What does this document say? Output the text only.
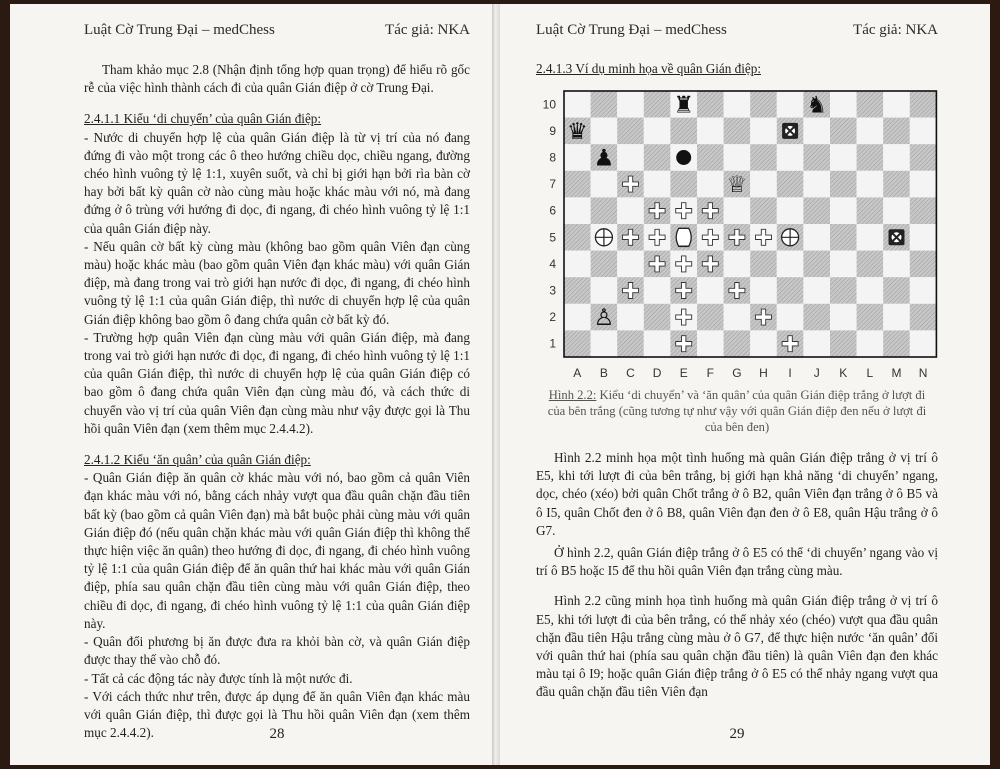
Luật Cờ Trung Đại – medChess	Tác giả: NKA

Tham khảo mục 2.8 (Nhận định tổng hợp quan trọng) để hiểu rõ gốc rễ của việc hình thành cách đi của quân Gián điệp ở cờ Trung Đại.

2.4.1.1 Kiểu ‘di chuyển’ của quân Gián điệp:

- Nước di chuyển hợp lệ của quân Gián điệp là từ vị trí của nó đang đứng đi vào một trong các ô theo hướng chiều dọc, chiều ngang, đường chéo hình vuông tỷ lệ 1:1, xuyên suốt, và chỉ bị giới hạn bởi rìa bàn cờ hay bởi bất kỳ quân cờ nào cùng màu hoặc khác màu với nó, mà đang đứng ở ô trùng với hướng đi dọc, đi ngang, đi chéo hình vuông tỷ lệ 1:1 của quân Gián điệp này.

- Nếu quân cờ bất kỳ cùng màu (không bao gồm quân Viên đạn cùng màu) hoặc khác màu (bao gồm quân Viên đạn khác màu) với quân Gián điệp, mà đang trong vai trò giới hạn nước đi dọc, đi ngang, đi chéo hình vuông tỷ lệ 1:1 của quân Gián điệp, thì nước di chuyển hợp lệ của quân Gián điệp không bao gồm ô đang chứa quân cờ bất kỳ đó.

- Trường hợp quân Viên đạn cùng màu với quân Gián điệp, mà đang trong vai trò giới hạn nước đi dọc, đi ngang, đi chéo hình vuông tỷ lệ 1:1 của quân Gián điệp, thì nước di chuyển hợp lệ của quân Gián điệp có bao gồm ô đang chứa quân Viên đạn cùng màu đó, và cách thức di chuyển vào vị trí của quân Viên đạn cùng màu như vậy được gọi là Thu hồi quân Viên đạn (xem thêm mục 2.4.4.2).

2.4.1.2 Kiểu ‘ăn quân’ của quân Gián điệp:

- Quân Gián điệp ăn quân cờ khác màu với nó, bao gồm cả quân Viên đạn khác màu với nó, bằng cách nhảy vượt qua đầu quân chặn đầu tiên bất kỳ (bao gồm cả quân Viên đạn) mà bắt buộc phải cùng màu với quân Gián điệp đó (nếu quân chặn khác màu với quân Gián điệp thì không thể thực hiện việc ăn quân) theo hướng đi dọc, đi ngang, đi chéo hình vuông tỷ lệ 1:1 của quân Gián điệp để ăn quân thứ hai khác màu với quân Gián điệp, phía sau quân chặn đầu tiên cùng màu với quân Gián điệp, theo chiều đi dọc, đi ngang, đi chéo hình vuông tỷ lệ 1:1 của quân Gián điệp này.

- Quân đối phương bị ăn được đưa ra khỏi bàn cờ, và quân Gián điệp được thay thế vào chỗ đó.

- Tất cả các động tác này được tính là một nước đi.

- Với cách thức như trên, được áp dụng để ăn quân Viên đạn khác màu với quân Gián điệp, thì được gọi là Thu hồi quân Viên đạn (xem thêm mục 2.4.4.2).	28
Luật Cờ Trung Đại – medChess	Tác giả: NKA
2.4.1.3 Ví dụ minh họa về quân Gián điệp:
10
9
8
7
6
5
4
3
2
1
A B C D E F G H I J K L M N
♜	♞
♛
♟
♕
♙
Hình 2.2: Kiểu ‘di chuyển’ và ‘ăn quân’ của quân Gián điệp trắng ở lượt đi của bên trắng (cũng tương tự như vậy với quân Gián điệp đen nếu ở lượt đi của bên đen)

Hình 2.2 minh họa một tình huống mà quân Gián điệp trắng ở vị trí ô E5, khi tới lượt đi của bên trắng, bị giới hạn khả năng ‘di chuyển’ ngang, dọc, chéo (xéo) bởi quân Chốt trắng ở ô B2, quân Viên đạn trắng ở ô B5 và ô I5, quân Chốt đen ở ô B8, quân Viên đạn đen ở ô E8, quân Hậu trắng ở ô G7.

Ở hình 2.2, quân Gián điệp trắng ở ô E5 có thể ‘di chuyển’ ngang vào vị trí ô B5 hoặc I5 để thu hồi quân Viên đạn trắng cùng màu.

Hình 2.2 cũng minh họa tình huống mà quân Gián điệp trắng ở vị trí ô E5, khi tới lượt đi của bên trắng, có thể nhảy xéo (chéo) vượt qua đầu quân chặn đầu tiên Hậu trắng cùng màu ở ô G7, để thực hiện nước ‘ăn quân’ đối với quân thứ hai (phía sau quân chặn đầu tiên) là quân Viên đạn đen khác màu tại ô I9; hoặc quân Gián điệp trắng ở ô E5 có thể nhảy ngang vượt qua đầu quân chặn đầu tiên Viên đạn

29
